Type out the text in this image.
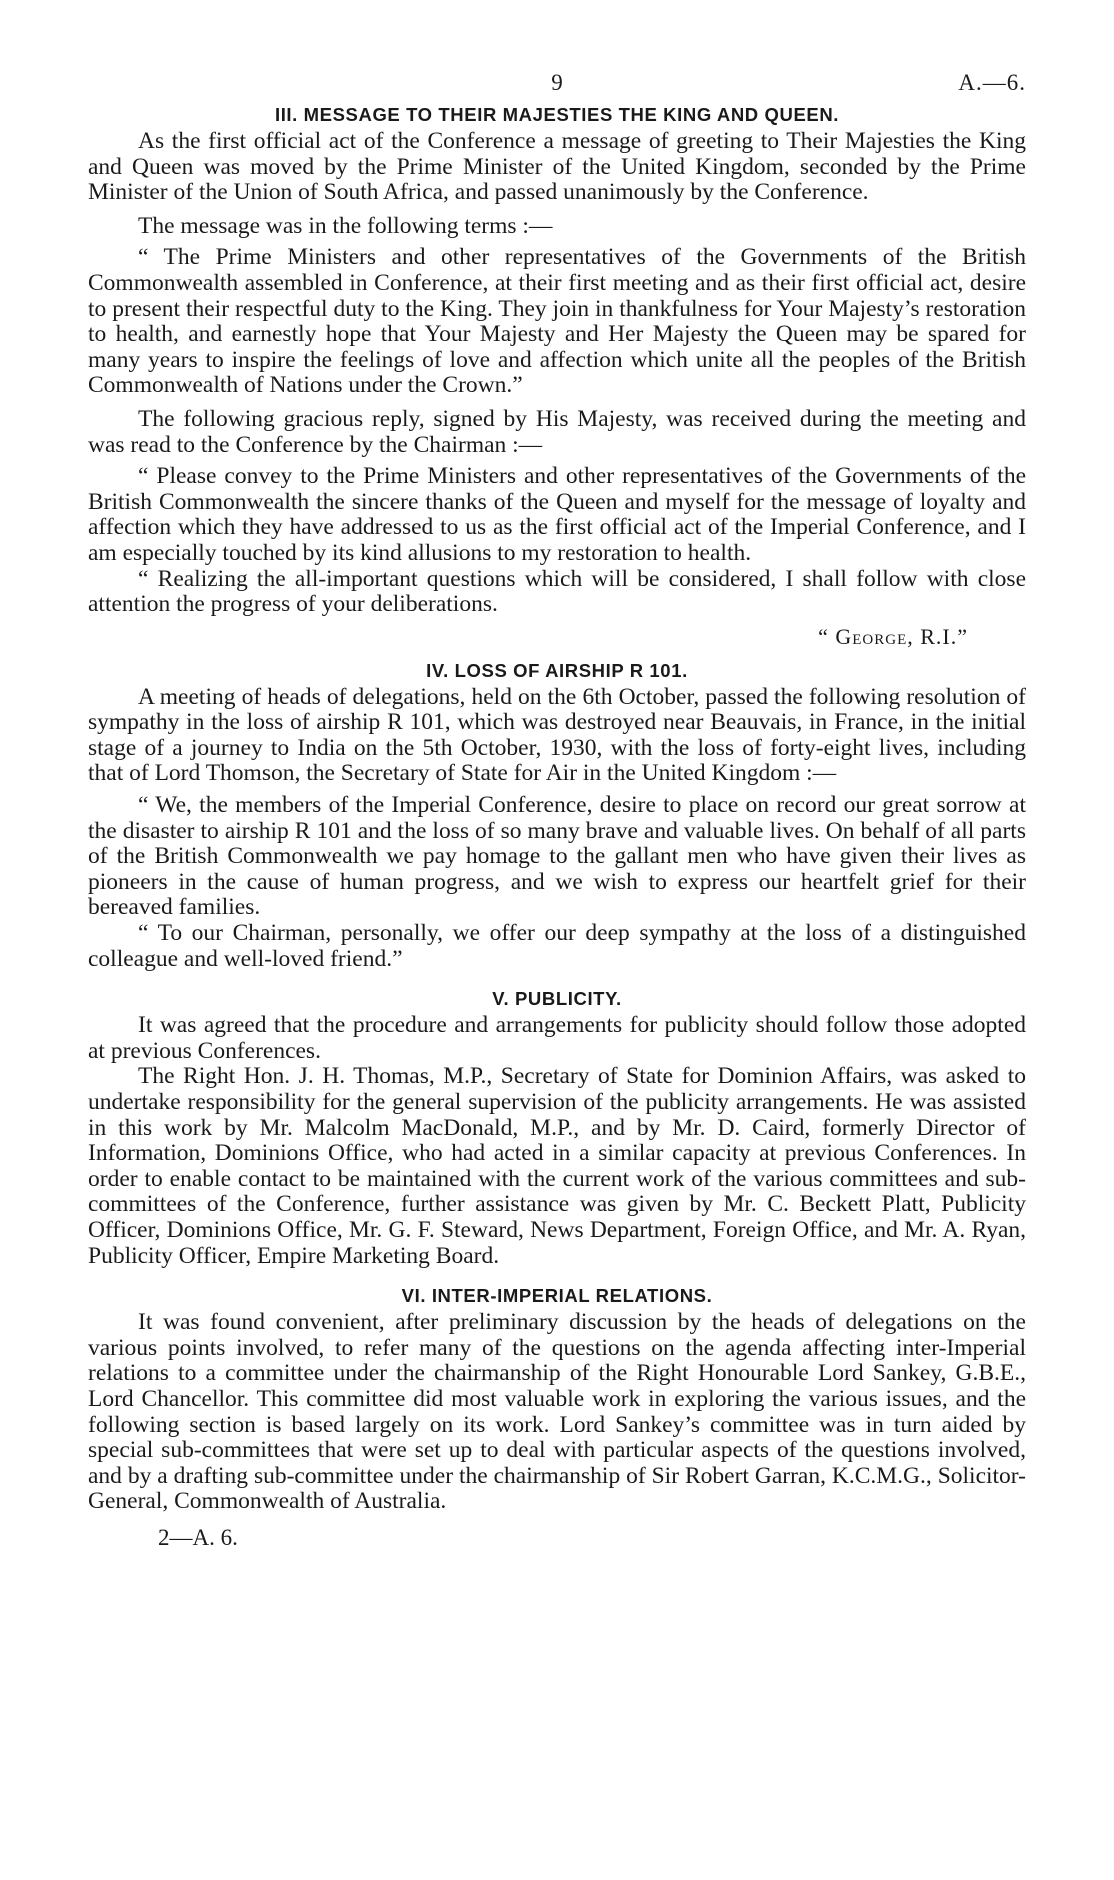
9	A.—6.
III. MESSAGE TO THEIR MAJESTIES THE KING AND QUEEN.

As the first official act of the Conference a message of greeting to Their Majesties the King and Queen was moved by the Prime Minister of the United Kingdom, seconded by the Prime Minister of the Union of South Africa, and passed unanimously by the Conference.

The message was in the following terms :—

“ The Prime Ministers and other representatives of the Governments of the British Commonwealth assembled in Conference, at their first meeting and as their first official act, desire to present their respectful duty to the King. They join in thankfulness for Your Majesty’s restoration to health, and earnestly hope that Your Majesty and Her Majesty the Queen may be spared for many years to inspire the feelings of love and affection which unite all the peoples of the British Commonwealth of Nations under the Crown.”

The following gracious reply, signed by His Majesty, was received during the meeting and was read to the Conference by the Chairman :—

“ Please convey to the Prime Ministers and other representatives of the Governments of the British Commonwealth the sincere thanks of the Queen and myself for the message of loyalty and affection which they have addressed to us as the first official act of the Imperial Conference, and I am especially touched by its kind allusions to my restoration to health.

“ Realizing the all-important questions which will be considered, I shall follow with close attention the progress of your deliberations.

“ George, R.I.”
IV. LOSS OF AIRSHIP R 101.

A meeting of heads of delegations, held on the 6th October, passed the following resolution of sympathy in the loss of airship R 101, which was destroyed near Beauvais, in France, in the initial stage of a journey to India on the 5th October, 1930, with the loss of forty-eight lives, including that of Lord Thomson, the Secretary of State for Air in the United Kingdom :—

“ We, the members of the Imperial Conference, desire to place on record our great sorrow at the disaster to airship R 101 and the loss of so many brave and valuable lives. On behalf of all parts of the British Commonwealth we pay homage to the gallant men who have given their lives as pioneers in the cause of human progress, and we wish to express our heartfelt grief for their bereaved families.

“ To our Chairman, personally, we offer our deep sympathy at the loss of a distinguished colleague and well-loved friend.”

V. PUBLICITY.

It was agreed that the procedure and arrangements for publicity should follow those adopted at previous Conferences.

The Right Hon. J. H. Thomas, M.P., Secretary of State for Dominion Affairs, was asked to undertake responsibility for the general supervision of the publicity arrangements. He was assisted in this work by Mr. Malcolm MacDonald, M.P., and by Mr. D. Caird, formerly Director of Information, Dominions Office, who had acted in a similar capacity at previous Conferences. In order to enable contact to be maintained with the current work of the various committees and sub-committees of the Conference, further assistance was given by Mr. C. Beckett Platt, Publicity Officer, Dominions Office, Mr. G. F. Steward, News Department, Foreign Office, and Mr. A. Ryan, Publicity Officer, Empire Marketing Board.

VI. INTER-IMPERIAL RELATIONS.

It was found convenient, after preliminary discussion by the heads of delegations on the various points involved, to refer many of the questions on the agenda affecting inter-Imperial relations to a committee under the chairmanship of the Right Honourable Lord Sankey, G.B.E., Lord Chancellor. This committee did most valuable work in exploring the various issues, and the following section is based largely on its work. Lord Sankey’s committee was in turn aided by special sub-committees that were set up to deal with particular aspects of the questions involved, and by a drafting sub-committee under the chairmanship of Sir Robert Garran, K.C.M.G., Solicitor-General, Commonwealth of Australia.

2—A. 6.
